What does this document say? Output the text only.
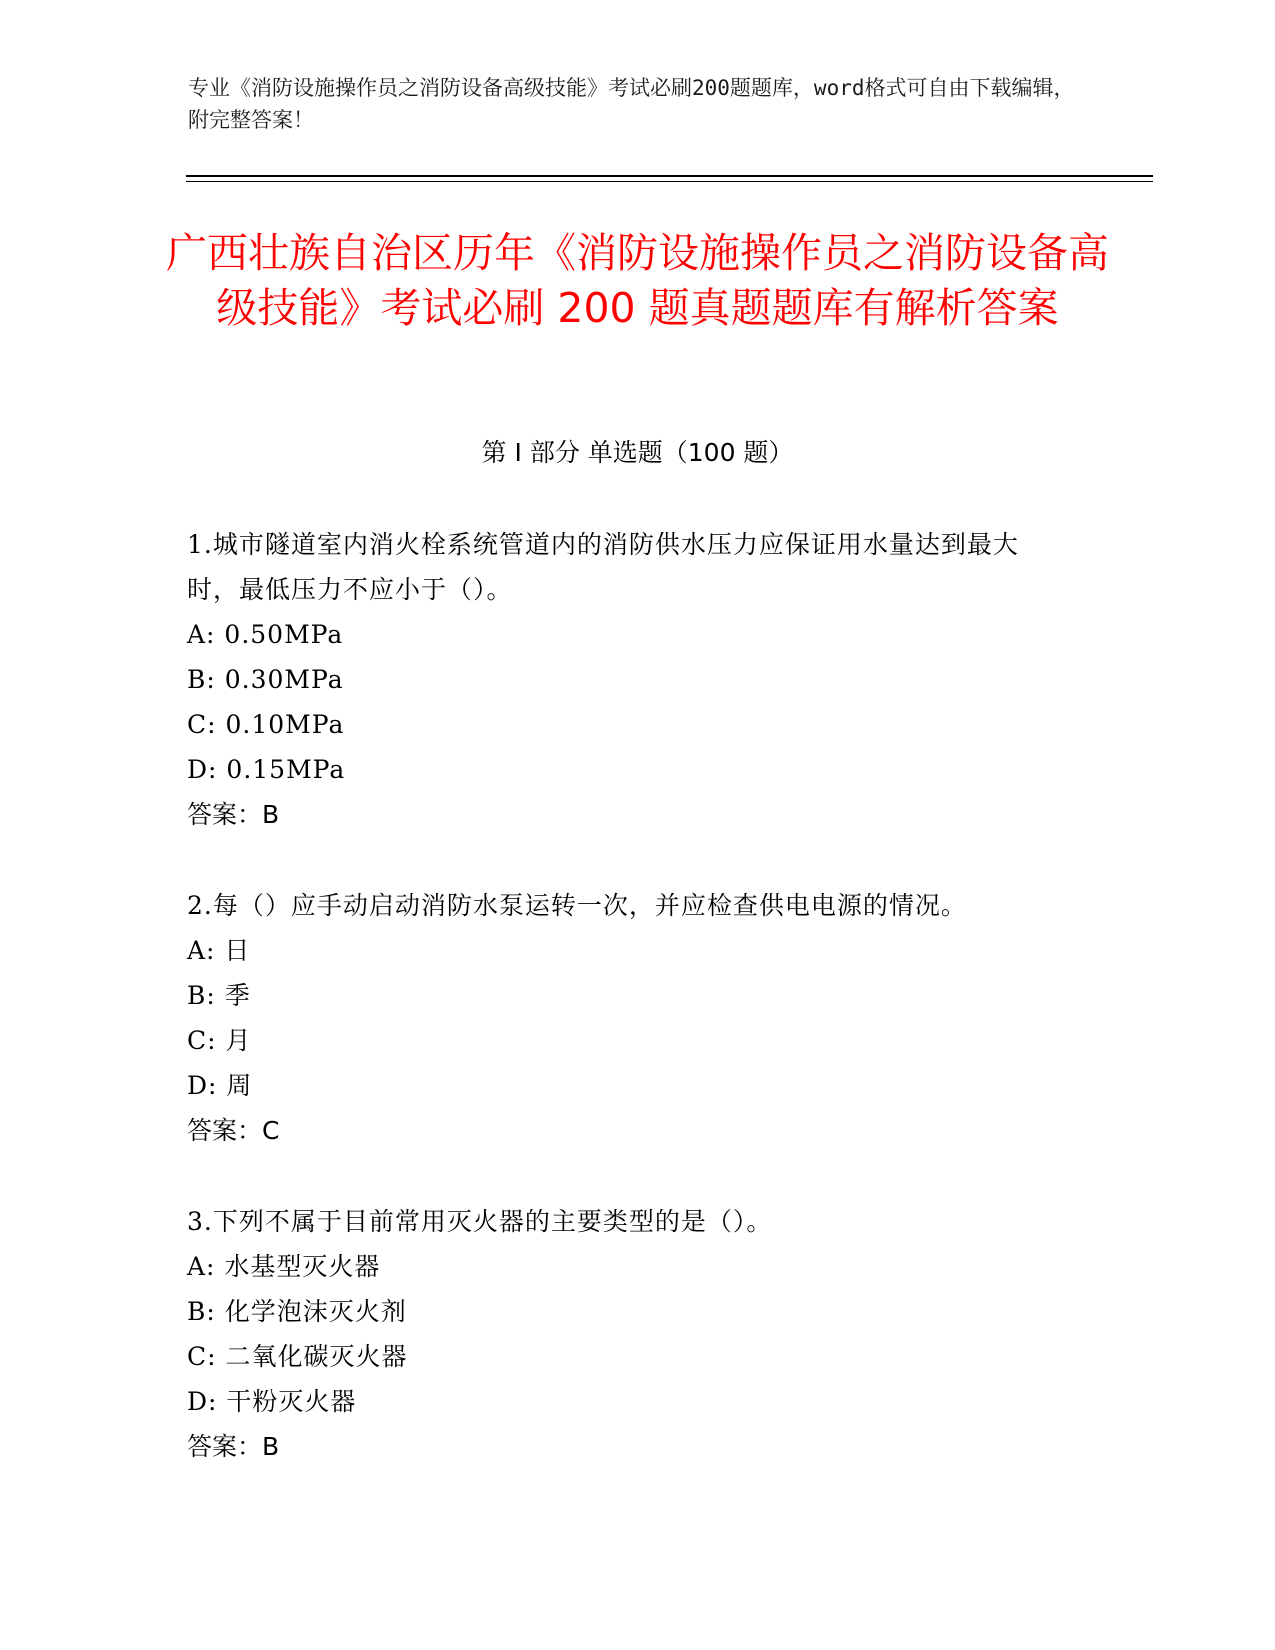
专业《消防设施操作员之消防设备高级技能》考试必刷200题题库，word格式可自由下载编辑，附完整答案！
广西壮族自治区历年《消防设施操作员之消防设备高级技能》考试必刷 200 题真题题库有解析答案
第 I 部分 单选题（100 题）

1.城市隧道室内消火栓系统管道内的消防供水压力应保证用水量达到最大时，最低压力不应小于（）。

A: 0.50MPa

B: 0.30MPa

C: 0.10MPa

D: 0.15MPa

答案：B

2.每（）应手动启动消防水泵运转一次，并应检查供电电源的情况。

A: 日

B: 季

C: 月

D: 周

答案：C

3.下列不属于目前常用灭火器的主要类型的是（）。

A: 水基型灭火器

B: 化学泡沫灭火剂

C: 二氧化碳灭火器

D: 干粉灭火器

答案：B
